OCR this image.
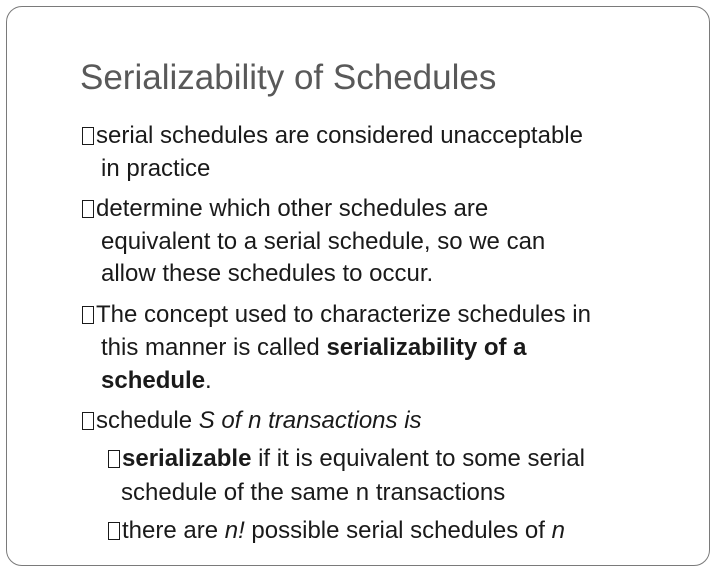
Serializability of Schedules
serial schedules are considered unacceptable
in practice
determine which other schedules are
equivalent to a serial schedule, so we can
allow these schedules to occur.
The concept used to characterize schedules in
this manner is called serializability of a
schedule.
schedule S of n transactions is
serializable if it is equivalent to some serial
schedule of the same n transactions
there are n! possible serial schedules of n
